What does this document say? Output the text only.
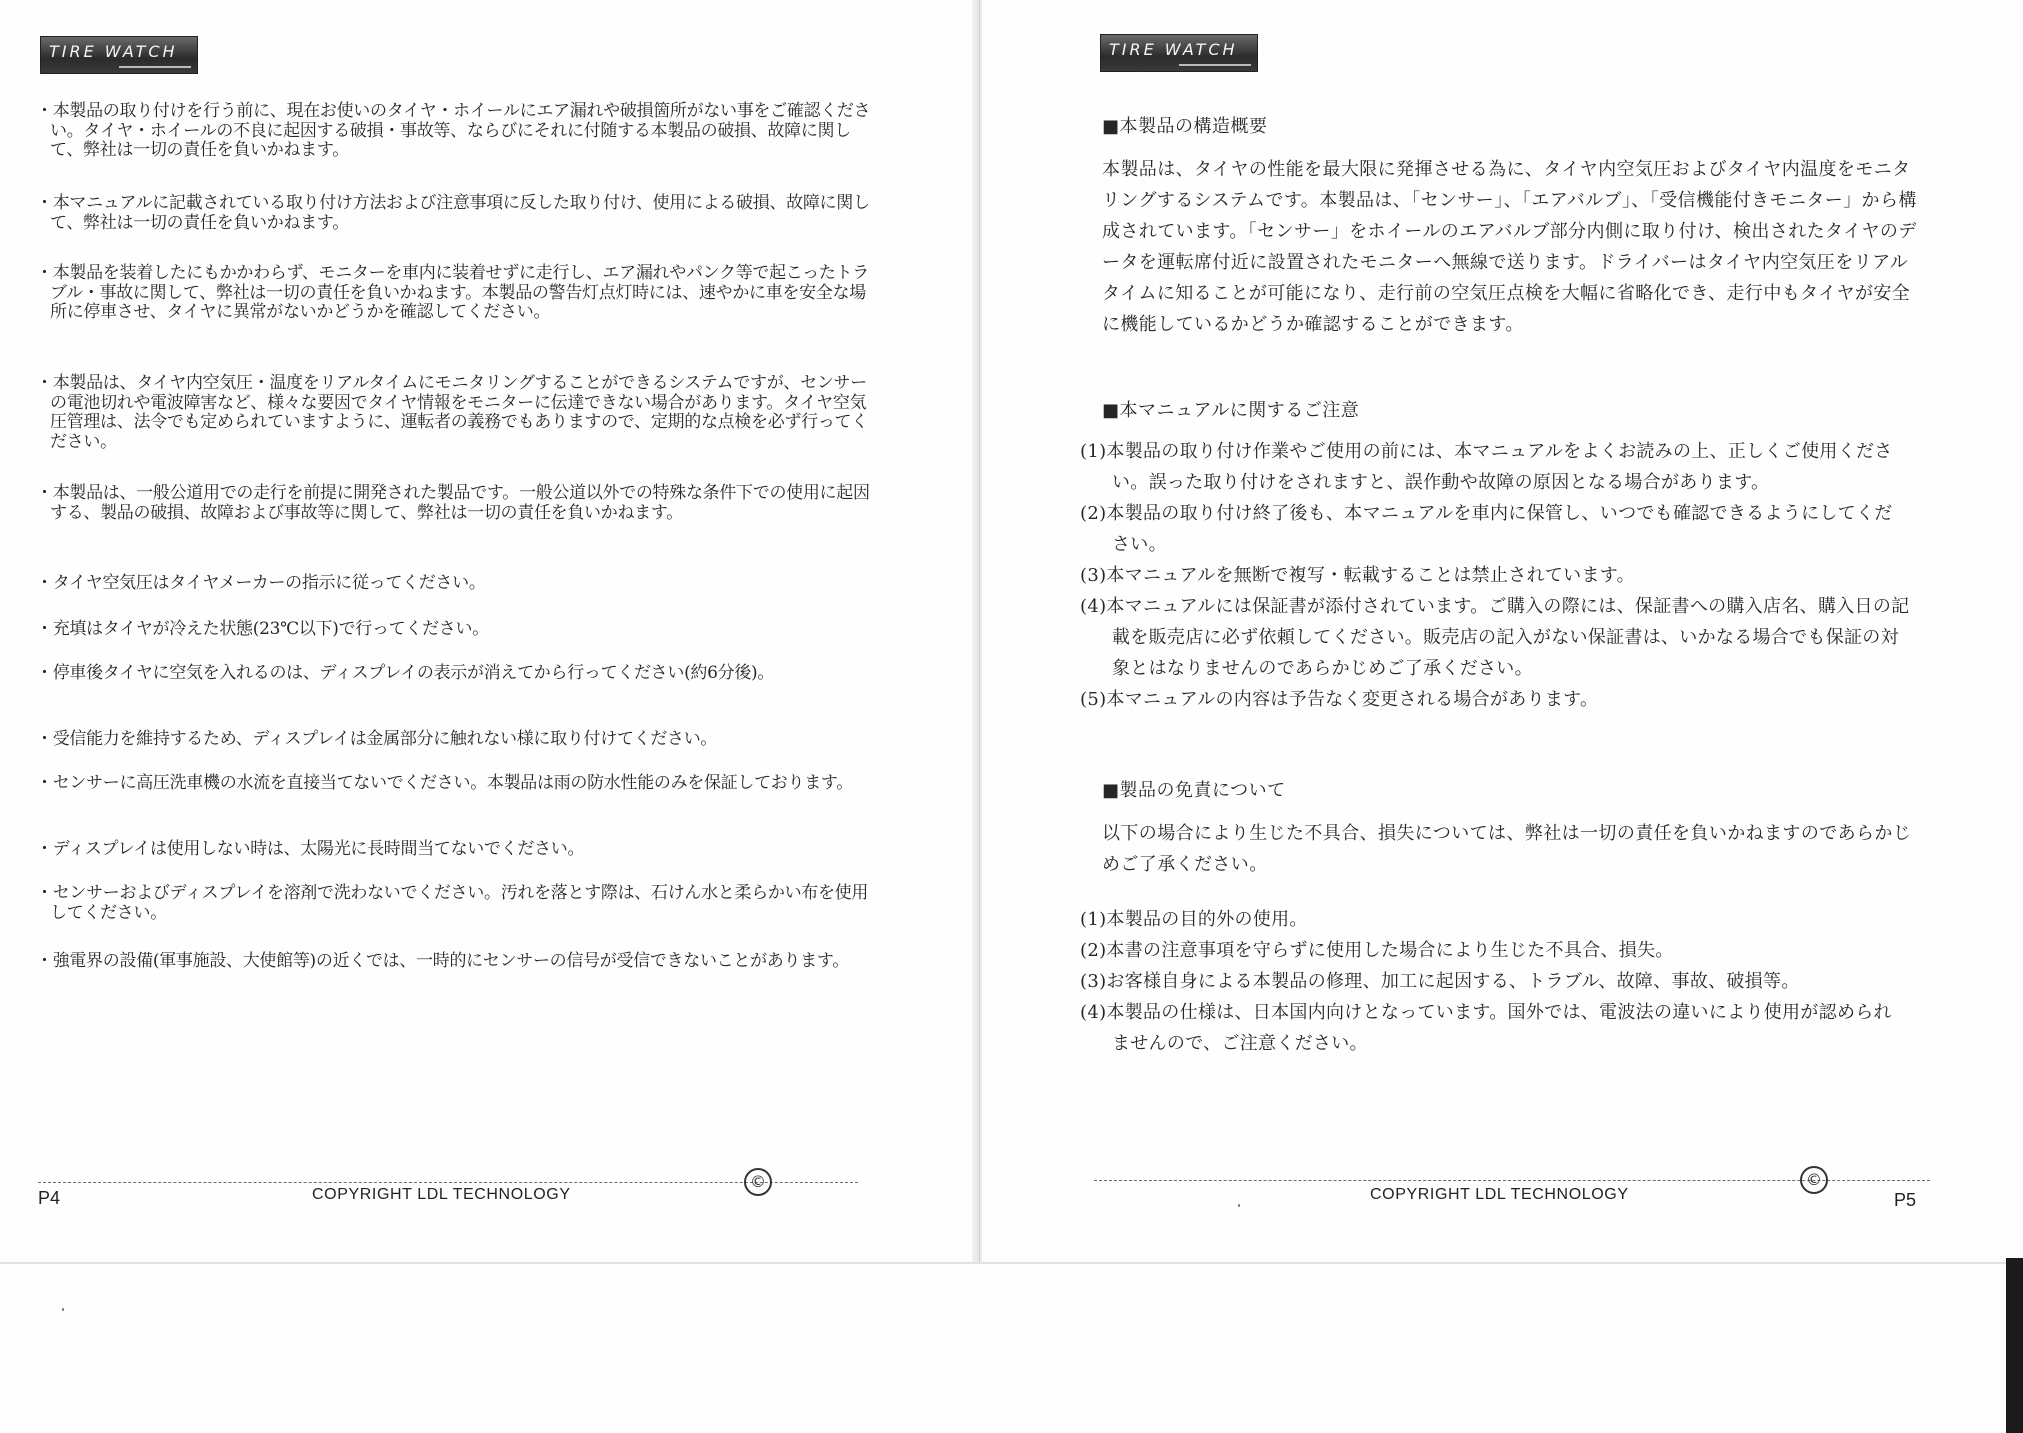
TIRE WATCH
・本製品の取り付けを行う前に、現在お使いのタイヤ・ホイールにエア漏れや破損箇所がない事をご確認ください。タイヤ・ホイールの不良に起因する破損・事故等、ならびにそれに付随する本製品の破損、故障に関して、弊社は一切の責任を負いかねます。
・本マニュアルに記載されている取り付け方法および注意事項に反した取り付け、使用による破損、故障に関して、弊社は一切の責任を負いかねます。
・本製品を装着したにもかかわらず、モニターを車内に装着せずに走行し、エア漏れやパンク等で起こったトラブル・事故に関して、弊社は一切の責任を負いかねます。本製品の警告灯点灯時には、速やかに車を安全な場所に停車させ、タイヤに異常がないかどうかを確認してください。
・本製品は、タイヤ内空気圧・温度をリアルタイムにモニタリングすることができるシステムですが、センサーの電池切れや電波障害など、様々な要因でタイヤ情報をモニターに伝達できない場合があります。タイヤ空気圧管理は、法令でも定められていますように、運転者の義務でもありますので、定期的な点検を必ず行ってください。
・本製品は、一般公道用での走行を前提に開発された製品です。一般公道以外での特殊な条件下での使用に起因する、製品の破損、故障および事故等に関して、弊社は一切の責任を負いかねます。
・タイヤ空気圧はタイヤメーカーの指示に従ってください。
・充填はタイヤが冷えた状態(23℃以下)で行ってください。
・停車後タイヤに空気を入れるのは、ディスプレイの表示が消えてから行ってください(約6分後)。
・受信能力を維持するため、ディスプレイは金属部分に触れない様に取り付けてください。
・センサーに高圧洗車機の水流を直接当てないでください。本製品は雨の防水性能のみを保証しております。
・ディスプレイは使用しない時は、太陽光に長時間当てないでください。
・センサーおよびディスプレイを溶剤で洗わないでください。汚れを落とす際は、石けん水と柔らかい布を使用してください。
・強電界の設備(軍事施設、大使館等)の近くでは、一時的にセンサーの信号が受信できないことがあります。
©
P4	COPYRIGHT LDL TECHNOLOGY
TIRE WATCH
■本製品の構造概要
本製品は、タイヤの性能を最大限に発揮させる為に、タイヤ内空気圧およびタイヤ内温度をモニタリングするシステムです。本製品は、「センサー」、「エアバルブ」、「受信機能付きモニター」から構成されています。「センサー」をホイールのエアバルブ部分内側に取り付け、検出されたタイヤのデータを運転席付近に設置されたモニターへ無線で送ります。ドライバーはタイヤ内空気圧をリアルタイムに知ることが可能になり、走行前の空気圧点検を大幅に省略化でき、走行中もタイヤが安全に機能しているかどうか確認することができます。
■本マニュアルに関するご注意
(1)本製品の取り付け作業やご使用の前には、本マニュアルをよくお読みの上、正しくご使用ください。誤った取り付けをされますと、誤作動や故障の原因となる場合があります。
(2)本製品の取り付け終了後も、本マニュアルを車内に保管し、いつでも確認できるようにしてください。
(3)本マニュアルを無断で複写・転載することは禁止されています。
(4)本マニュアルには保証書が添付されています。ご購入の際には、保証書への購入店名、購入日の記載を販売店に必ず依頼してください。販売店の記入がない保証書は、いかなる場合でも保証の対象とはなりませんのであらかじめご了承ください。
(5)本マニュアルの内容は予告なく変更される場合があります。
■製品の免責について
以下の場合により生じた不具合、損失については、弊社は一切の責任を負いかねますのであらかじめご了承ください。
(1)本製品の目的外の使用。
(2)本書の注意事項を守らずに使用した場合により生じた不具合、損失。
(3)お客様自身による本製品の修理、加工に起因する、トラブル、故障、事故、破損等。
(4)本製品の仕様は、日本国内向けとなっています。国外では、電波法の違いにより使用が認められませんので、ご注意ください。
©
COPYRIGHT LDL TECHNOLOGY	P5
